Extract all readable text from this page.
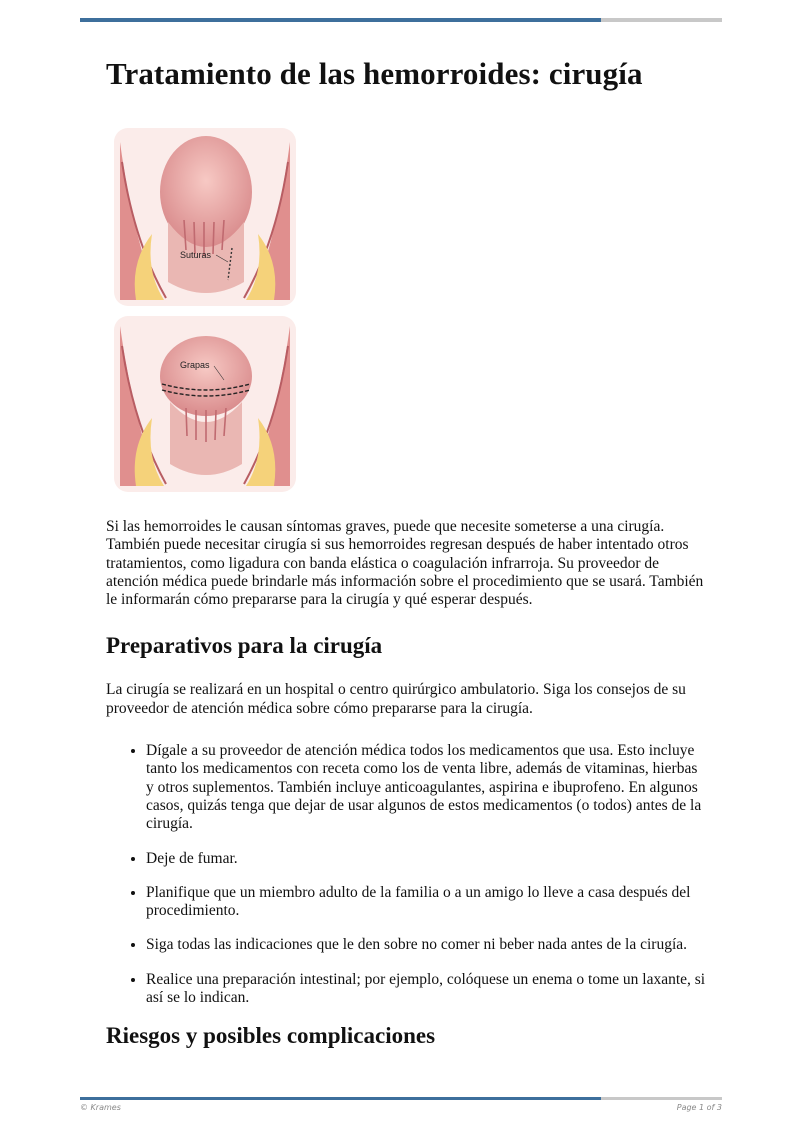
Tratamiento de las hemorroides: cirugía
Suturas
Grapas

Si las hemorroides le causan síntomas graves, puede que necesite someterse a una cirugía. También puede necesitar cirugía si sus hemorroides regresan después de haber intentado otros tratamientos, como ligadura con banda elástica o coagulación infrarroja. Su proveedor de atención médica puede brindarle más información sobre el procedimiento que se usará. También le informarán cómo prepararse para la cirugía y qué esperar después.

Preparativos para la cirugía

La cirugía se realizará en un hospital o centro quirúrgico ambulatorio. Siga los consejos de su proveedor de atención médica sobre cómo prepararse para la cirugía.

• Dígale a su proveedor de atención médica todos los medicamentos que usa. Esto incluye tanto los medicamentos con receta como los de venta libre, además de vitaminas, hierbas y otros suplementos. También incluye anticoagulantes, aspirina e ibuprofeno. En algunos casos, quizás tenga que dejar de usar algunos de estos medicamentos (o todos) antes de la cirugía.
• Deje de fumar.
• Planifique que un miembro adulto de la familia o a un amigo lo lleve a casa después del procedimiento.
• Siga todas las indicaciones que le den sobre no comer ni beber nada antes de la cirugía.
• Realice una preparación intestinal; por ejemplo, colóquese un enema o tome un laxante, si así se lo indican.
Riesgos y posibles complicaciones
© Krames	Page 1 of 3
